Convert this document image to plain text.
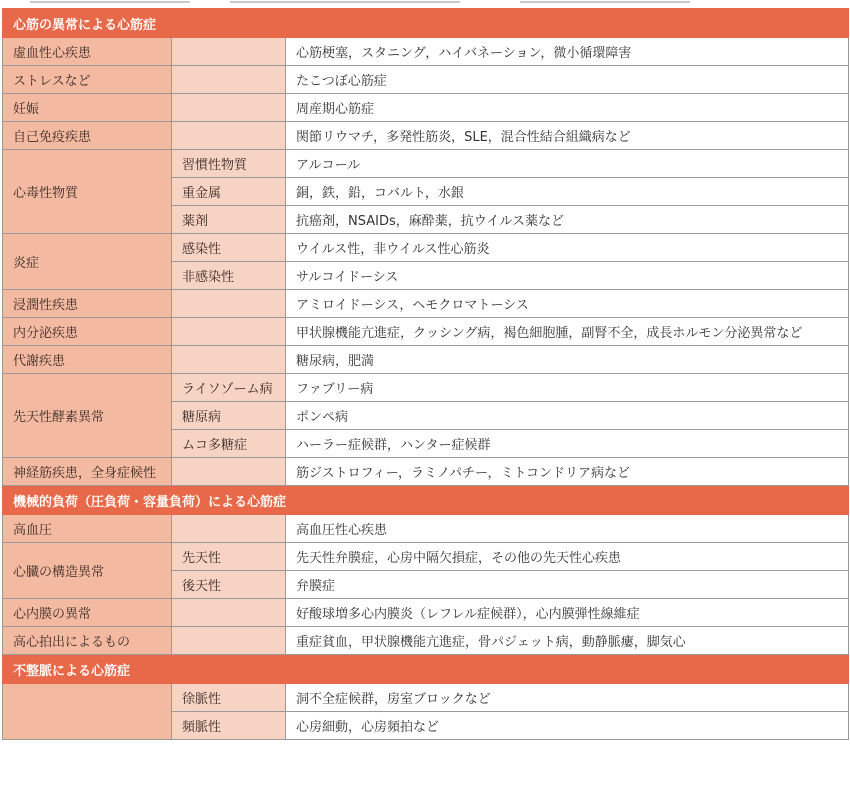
心筋の異常による心筋症		
虚血性心疾患		心筋梗塞，スタニング，ハイバネーション，微小循環障害
ストレスなど		たこつぼ心筋症
妊娠		周産期心筋症
自己免疫疾患		関節リウマチ，多発性筋炎，SLE，混合性結合組織病など
心毒性物質	習慣性物質	アルコール
	重金属	銅，鉄，鉛，コバルト，水銀
	薬剤	抗癌剤，NSAIDs，麻酔薬，抗ウイルス薬など
炎症	感染性	ウイルス性，非ウイルス性心筋炎
	非感染性	サルコイドーシス
浸潤性疾患		アミロイドーシス，ヘモクロマトーシス
内分泌疾患		甲状腺機能亢進症，クッシング病，褐色細胞腫，副腎不全，成長ホルモン分泌異常など
代謝疾患		糖尿病，肥満
先天性酵素異常	ライソゾーム病	ファブリー病
	糖原病	ポンペ病
	ムコ多糖症	ハーラー症候群，ハンター症候群
神経筋疾患，全身症候性		筋ジストロフィー，ラミノパチー，ミトコンドリア病など
機械的負荷（圧負荷・容量負荷）による心筋症		
高血圧		高血圧性心疾患
心臓の構造異常	先天性	先天性弁膜症，心房中隔欠損症，その他の先天性心疾患
	後天性	弁膜症
心内膜の異常		好酸球増多心内膜炎（レフレル症候群），心内膜弾性線維症
高心拍出によるもの		重症貧血，甲状腺機能亢進症，骨パジェット病，動静脈瘻，脚気心
不整脈による心筋症		
	徐脈性	洞不全症候群，房室ブロックなど
	頻脈性	心房細動，心房頻拍など
